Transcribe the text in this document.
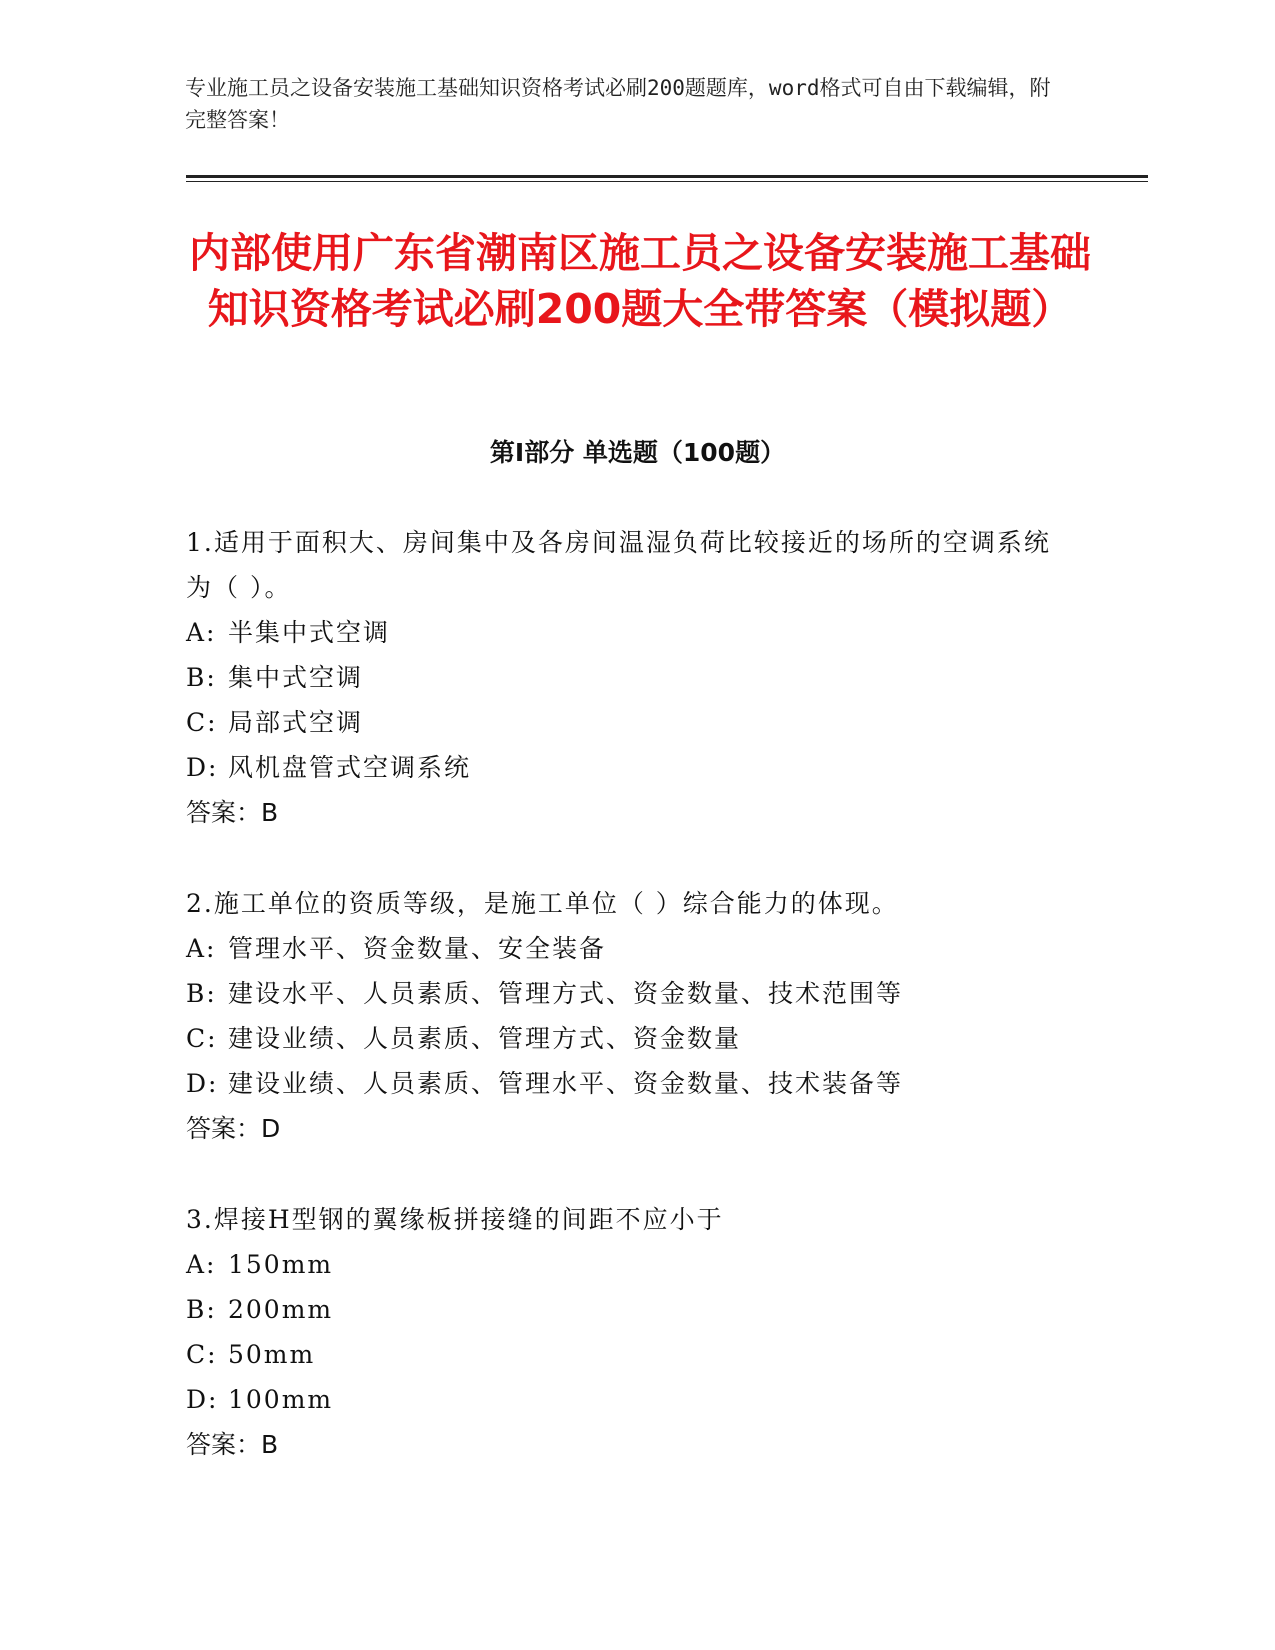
专业施工员之设备安装施工基础知识资格考试必刷200题题库，word格式可自由下载编辑，附完整答案！
内部使用广东省潮南区施工员之设备安装施工基础知识资格考试必刷200题大全带答案（模拟题）
第Ⅰ部分 单选题（100题）

1.适用于面积大、房间集中及各房间温湿负荷比较接近的场所的空调系统为（ ）。

A: 半集中式空调

B: 集中式空调

C: 局部式空调

D: 风机盘管式空调系统

答案：B

2.施工单位的资质等级，是施工单位（ ）综合能力的体现。

A: 管理水平、资金数量、安全装备

B: 建设水平、人员素质、管理方式、资金数量、技术范围等

C: 建设业绩、人员素质、管理方式、资金数量

D: 建设业绩、人员素质、管理水平、资金数量、技术装备等

答案：D

3.焊接H型钢的翼缘板拼接缝的间距不应小于

A: 150mm

B: 200mm

C: 50mm

D: 100mm

答案：B
